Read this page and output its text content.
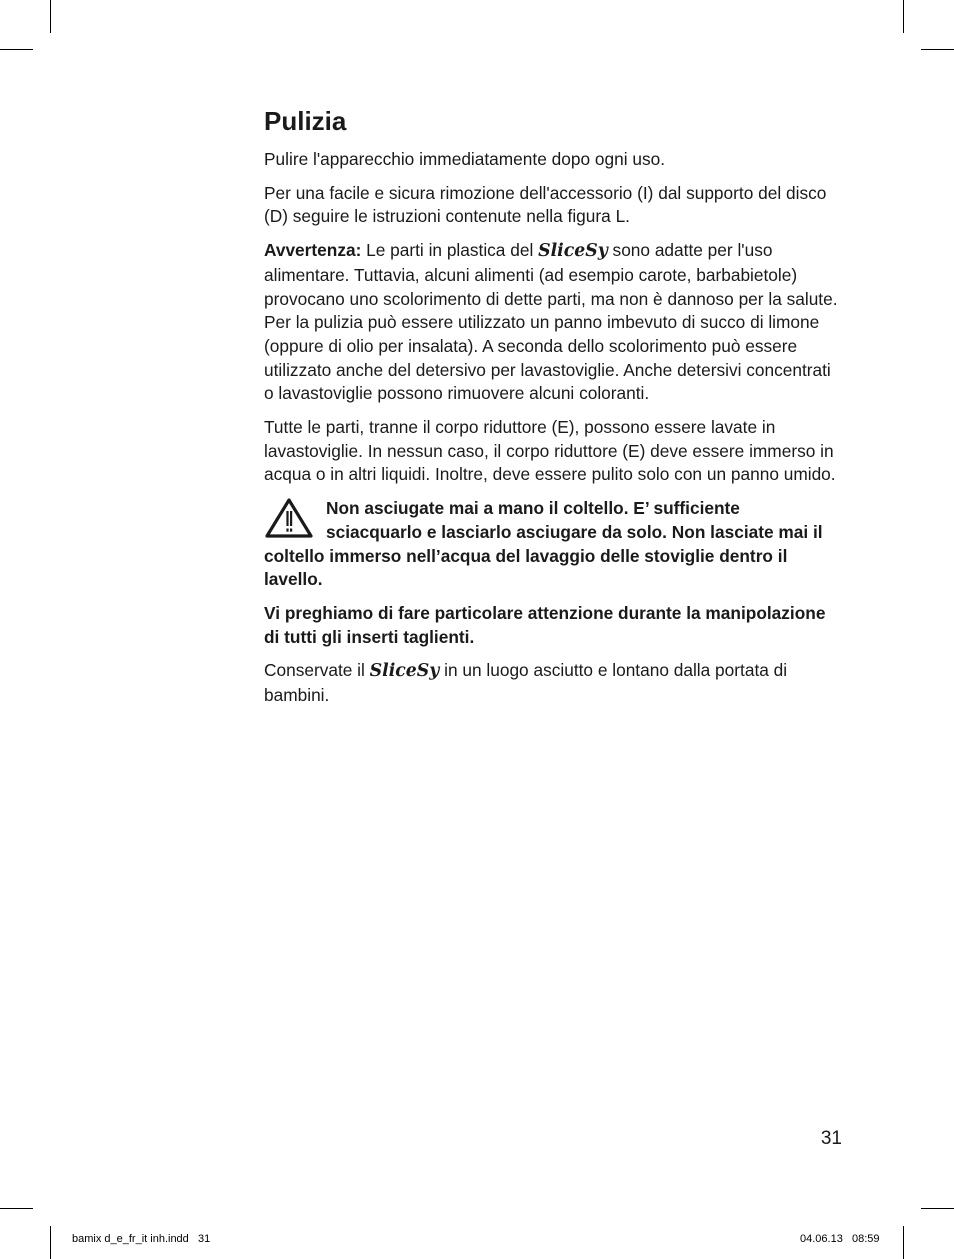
Pulizia

Pulire l'apparecchio immediatamente dopo ogni uso.

Per una facile e sicura rimozione dell'accessorio (I) dal supporto del disco (D) seguire le istruzioni contenute nella figura L.

Avvertenza: Le parti in plastica del SliceSy sono adatte per l'uso alimentare. Tuttavia, alcuni alimenti (ad esempio carote, barbabietole) provocano uno scolorimento di dette parti, ma non è dannoso per la salute. Per la pulizia può essere utilizzato un panno imbevuto di succo di limone (oppure di olio per insalata). A seconda dello scolorimento può essere utilizzato anche del detersivo per lavastoviglie. Anche detersivi concentrati o lavastoviglie possono rimuovere alcuni coloranti.

Tutte le parti, tranne il corpo riduttore (E), possono essere lavate in lavastoviglie. In nessun caso, il corpo riduttore (E) deve essere immerso in acqua o in altri liquidi. Inoltre, deve essere pulito solo con un panno umido.

Non asciugate mai a mano il coltello. E’ sufficiente sciacquarlo e lasciarlo asciugare da solo. Non lasciate mai il coltello immerso nell’acqua del lavaggio delle stoviglie dentro il lavello.

Vi preghiamo di fare particolare attenzione durante la manipolazione di tutti gli inserti taglienti.

Conservate il SliceSy in un luogo asciutto e lontano dalla portata di bambini.

31
bamix d_e_fr_it inh.indd   31	04.06.13   08:59
